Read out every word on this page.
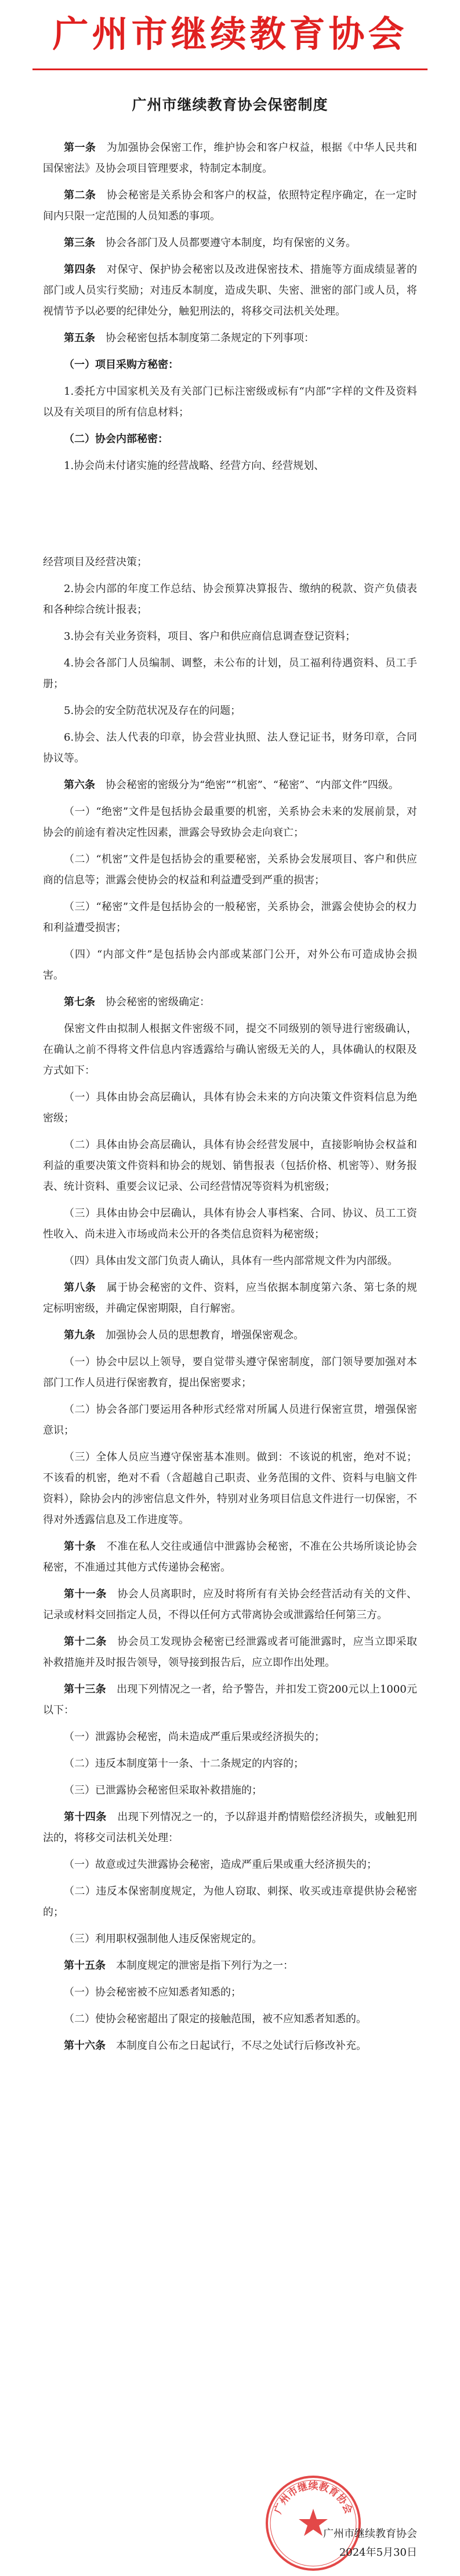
广州市继续教育协会
广州市继续教育协会保密制度

第一条  为加强协会保密工作，维护协会和客户权益，根据《中华人民共和国保密法》及协会项目管理要求，特制定本制度。

第二条  协会秘密是关系协会和客户的权益，依照特定程序确定，在一定时间内只限一定范围的人员知悉的事项。

第三条  协会各部门及人员都要遵守本制度，均有保密的义务。

第四条  对保守、保护协会秘密以及改进保密技术、措施等方面成绩显著的部门或人员实行奖励；对违反本制度，造成失职、失密、泄密的部门或人员，将视情节予以必要的纪律处分，触犯刑法的，将移交司法机关处理。

第五条  协会秘密包括本制度第二条规定的下列事项：

（一）项目采购方秘密：

1.委托方中国家机关及有关部门已标注密级或标有“内部”字样的文件及资料以及有关项目的所有信息材料；

（二）协会内部秘密：

1.协会尚未付诸实施的经营战略、经营方向、经营规划、

经营项目及经营决策；

2.协会内部的年度工作总结、协会预算决算报告、缴纳的税款、资产负债表和各种综合统计报表；

3.协会有关业务资料，项目、客户和供应商信息调查登记资料；

4.协会各部门人员编制、调整，未公布的计划，员工福利待遇资料、员工手册；

5.协会的安全防范状况及存在的问题；

6.协会、法人代表的印章，协会营业执照、法人登记证书，财务印章，合同协议等。

第六条  协会秘密的密级分为“绝密”“机密”、“秘密”、“内部文件”四级。

（一）“绝密”文件是包括协会最重要的机密，关系协会未来的发展前景，对协会的前途有着决定性因素，泄露会导致协会走向衰亡；

（二）“机密”文件是包括协会的重要秘密，关系协会发展项目、客户和供应商的信息等；泄露会使协会的权益和利益遭受到严重的损害；

（三）“秘密”文件是包括协会的一般秘密，关系协会，泄露会使协会的权力和利益遭受损害；

（四）“内部文件”是包括协会内部或某部门公开，对外公布可造成协会损害。

第七条  协会秘密的密级确定：

保密文件由拟制人根据文件密级不同，提交不同级别的领导进行密级确认，在确认之前不得将文件信息内容透露给与确认密级无关的人，具体确认的权限及方式如下：

（一）具体由协会高层确认，具体有协会未来的方向决策文件资料信息为绝密级；

（二）具体由协会高层确认，具体有协会经营发展中，直接影响协会权益和利益的重要决策文件资料和协会的规划、销售报表（包括价格、机密等）、财务报表、统计资料、重要会议记录、公司经营情况等资料为机密级；

（三）具体由协会中层确认，具体有协会人事档案、合同、协议、员工工资性收入、尚未进入市场或尚未公开的各类信息资料为秘密级；

（四）具体由发文部门负责人确认，具体有一些内部常规文件为内部级。

第八条  属于协会秘密的文件、资料，应当依据本制度第六条、第七条的规定标明密级，并确定保密期限，自行解密。

第九条  加强协会人员的思想教育，增强保密观念。

（一）协会中层以上领导，要自觉带头遵守保密制度，部门领导要加强对本部门工作人员进行保密教育，提出保密要求；

（二）协会各部门要运用各种形式经常对所属人员进行保密宣贯，增强保密意识；

（三）全体人员应当遵守保密基本准则。做到：不该说的机密，绝对不说；不该看的机密，绝对不看（含超越自己职责、业务范围的文件、资料与电脑文件资料），除协会内的涉密信息文件外，特别对业务项目信息文件进行一切保密，不得对外透露信息及工作进度等。

第十条  不准在私人交往或通信中泄露协会秘密，不准在公共场所谈论协会秘密，不准通过其他方式传递协会秘密。

第十一条  协会人员离职时，应及时将所有有关协会经营活动有关的文件、记录或材料交回指定人员，不得以任何方式带离协会或泄露给任何第三方。

第十二条  协会员工发现协会秘密已经泄露或者可能泄露时，应当立即采取补救措施并及时报告领导，领导接到报告后，应立即作出处理。

第十三条  出现下列情况之一者，给予警告，并扣发工资200元以上1000元以下：

（一）泄露协会秘密，尚未造成严重后果或经济损失的；

（二）违反本制度第十一条、十二条规定的内容的；

（三）已泄露协会秘密但采取补救措施的；

第十四条  出现下列情况之一的，予以辞退并酌情赔偿经济损失，或触犯刑法的，将移交司法机关处理：

（一）故意或过失泄露协会秘密，造成严重后果或重大经济损失的；

（二）违反本保密制度规定，为他人窃取、刺探、收买或违章提供协会秘密的；

（三）利用职权强制他人违反保密规定的。

第十五条  本制度规定的泄密是指下列行为之一：

（一）协会秘密被不应知悉者知悉的；

（二）使协会秘密超出了限定的接触范围，被不应知悉者知悉的。

第十六条  本制度自公布之日起试行，不尽之处试行后修改补充。

广州市继续教育协会
广州市继续教育协会
2024年5月30日
